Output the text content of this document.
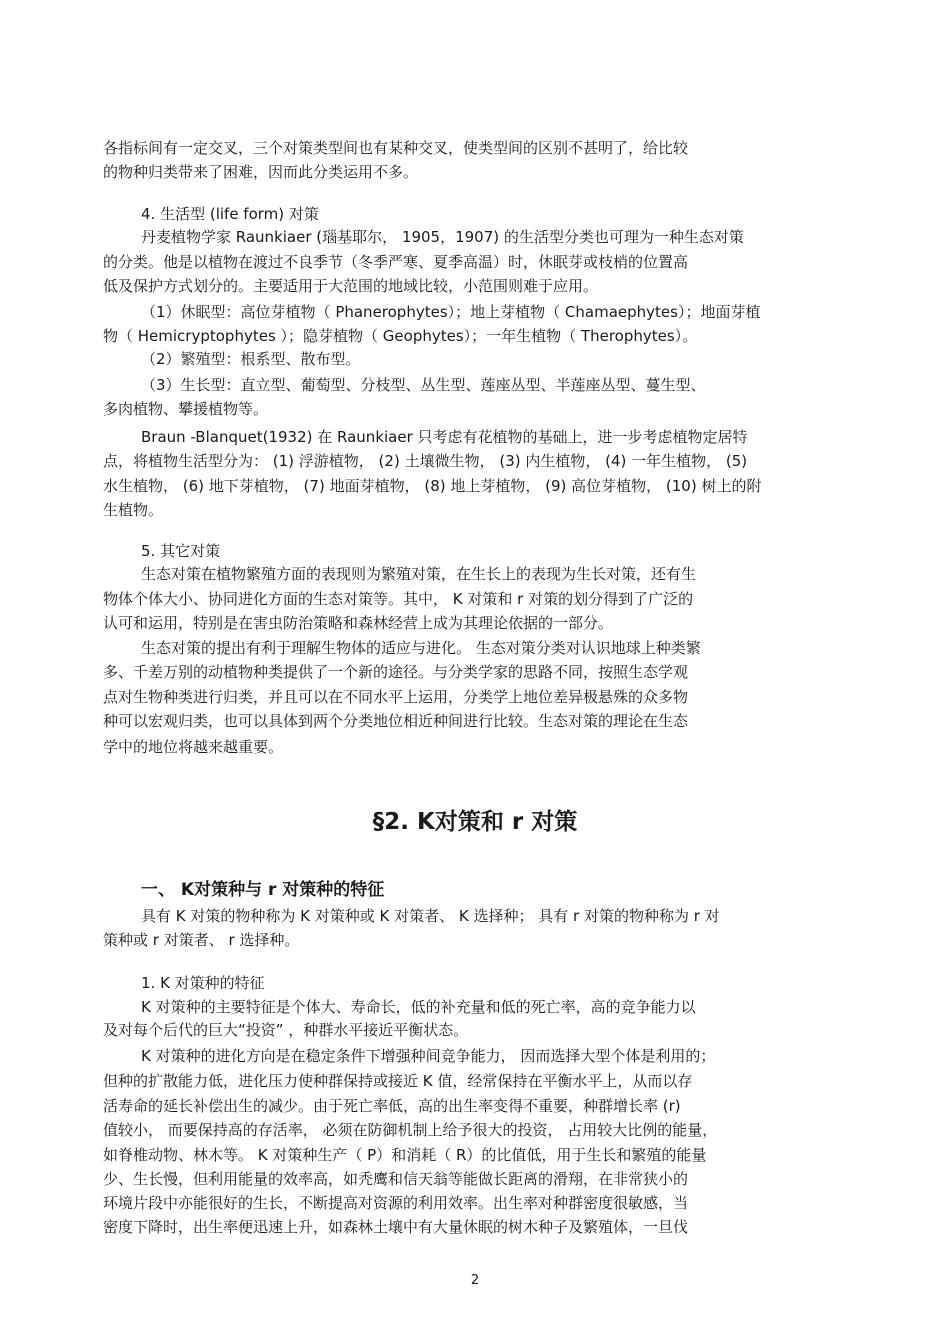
各指标间有一定交叉，三个对策类型间也有某种交叉，使类型间的区别不甚明了，给比较

的物种归类带来了困难，因而此分类运用不多。

4. 生活型 (life form) 对策

丹麦植物学家 Raunkiaer (瑙基耶尔， 1905，1907) 的生活型分类也可理为一种生态对策

的分类。他是以植物在渡过不良季节（冬季严寒、夏季高温）时，休眠芽或枝梢的位置高

低及保护方式划分的。主要适用于大范围的地域比较，小范围则难于应用。

（1）休眠型：高位芽植物（ Phanerophytes）；地上芽植物（ Chamaephytes）；地面芽植

物（ Hemicryptophytes ）；隐芽植物（ Geophytes）；一年生植物（ Therophytes）。

（2）繁殖型：根系型、散布型。

（3）生长型：直立型、葡萄型、分枝型、丛生型、莲座丛型、半莲座丛型、蔓生型、

多肉植物、攀援植物等。

Braun -Blanquet(1932) 在 Raunkiaer 只考虑有花植物的基础上，进一步考虑植物定居特

点，将植物生活型分为： (1) 浮游植物， (2) 土壤微生物， (3) 内生植物， (4) 一年生植物， (5)

水生植物， (6) 地下芽植物， (7) 地面芽植物， (8) 地上芽植物， (9) 高位芽植物， (10) 树上的附

生植物。

5. 其它对策

生态对策在植物繁殖方面的表现则为繁殖对策，在生长上的表现为生长对策，还有生

物体个体大小、协同进化方面的生态对策等。其中， K 对策和 r 对策的划分得到了广泛的

认可和运用，特别是在害虫防治策略和森林经营上成为其理论依据的一部分。

生态对策的提出有利于理解生物体的适应与进化。 生态对策分类对认识地球上种类繁

多、千差万别的动植物种类提供了一个新的途径。与分类学家的思路不同，按照生态学观

点对生物种类进行归类，并且可以在不同水平上运用，分类学上地位差异极悬殊的众多物

种可以宏观归类，也可以具体到两个分类地位相近种间进行比较。生态对策的理论在生态

学中的地位将越来越重要。

§2. K对策和 r 对策
一、 K对策种与 r 对策种的特征

具有 K 对策的物种称为 K 对策种或 K 对策者、 K 选择种； 具有 r 对策的物种称为 r 对

策种或 r 对策者、 r 选择种。

1. K 对策种的特征

K 对策种的主要特征是个体大、寿命长，低的补充量和低的死亡率，高的竞争能力以

及对每个后代的巨大“投资” ，种群水平接近平衡状态。

K 对策种的进化方向是在稳定条件下增强种间竞争能力， 因而选择大型个体是利用的；

但种的扩散能力低，进化压力使种群保持或接近 K 值，经常保持在平衡水平上，从而以存

活寿命的延长补偿出生的减少。由于死亡率低，高的出生率变得不重要，种群增长率 (r)

值较小， 而要保持高的存活率， 必须在防御机制上给予很大的投资， 占用较大比例的能量，

如脊椎动物、林木等。 K 对策种生产（ P）和消耗（ R）的比值低，用于生长和繁殖的能量

少、生长慢，但利用能量的效率高，如秃鹰和信天翁等能做长距离的滑翔，在非常狭小的

环境片段中亦能很好的生长，不断提高对资源的利用效率。出生率对种群密度很敏感，当

密度下降时，出生率便迅速上升，如森林土壤中有大量休眠的树木种子及繁殖体，一旦伐

2
